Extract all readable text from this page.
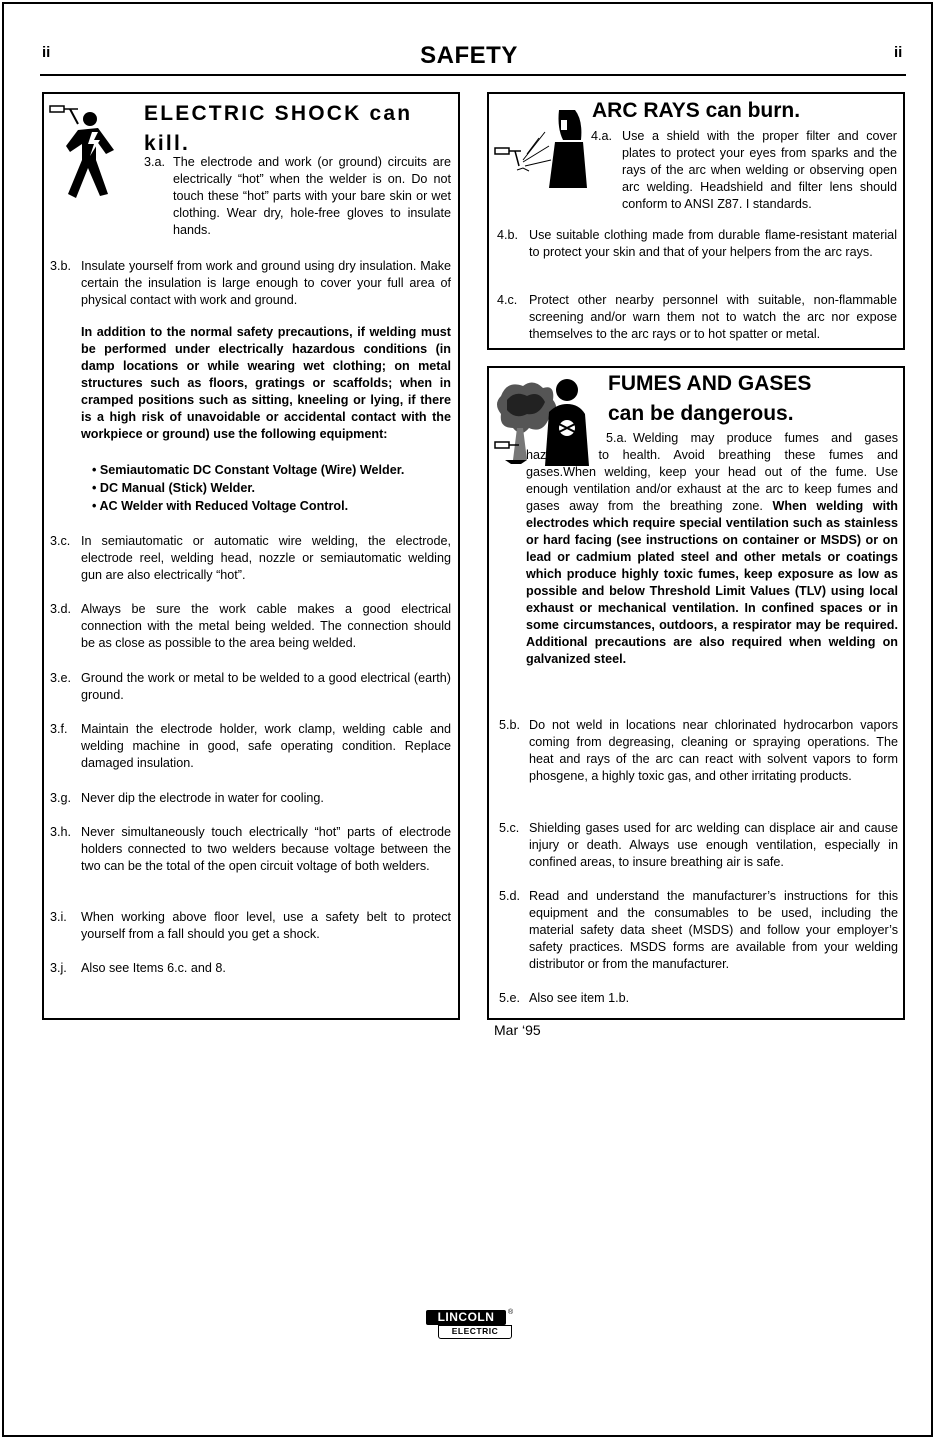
ii	SAFETY	ii
ELECTRIC SHOCK can kill.
3.a. The electrode and work (or ground) circuits are electrically “hot” when the welder is on. Do not touch these “hot” parts with your bare skin or wet clothing. Wear dry, hole-free gloves to insulate hands.

3.b. Insulate yourself from work and ground using dry insulation. Make certain the insulation is large enough to cover your full area of physical contact with work and ground.

In addition to the normal safety precautions, if welding must be performed under electrically hazardous conditions (in damp locations or while wearing wet clothing; on metal structures such as floors, gratings or scaffolds; when in cramped positions such as sitting, kneeling or lying, if there is a high risk of unavoidable or accidental contact with the workpiece or ground) use the following equipment:

• Semiautomatic DC Constant Voltage (Wire) Welder.
• DC Manual (Stick) Welder.
• AC Welder with Reduced Voltage Control.
3.c. In semiautomatic or automatic wire welding, the electrode, electrode reel, welding head, nozzle or semiautomatic welding gun are also electrically “hot”.

3.d. Always be sure the work cable makes a good electrical connection with the metal being welded. The connection should be as close as possible to the area being welded.

3.e. Ground the work or metal to be welded to a good electrical (earth) ground.

3.f. Maintain the electrode holder, work clamp, welding cable and welding machine in good, safe operating condition. Replace damaged insulation.

3.g. Never dip the electrode in water for cooling.

3.h. Never simultaneously touch electrically “hot” parts of electrode holders connected to two welders because voltage between the two can be the total of the open circuit voltage of both welders.

3.i. When working above floor level, use a safety belt to protect yourself from a fall should you get a shock.

3.j. Also see Items 6.c. and 8.

ARC RAYS can burn.
4.a. Use a shield with the proper filter and cover plates to protect your eyes from sparks and the rays of the arc when welding or observing open arc welding. Headshield and filter lens should conform to ANSI Z87. I standards.

4.b. Use suitable clothing made from durable flame-resistant material to protect your skin and that of your helpers from the arc rays.

4.c. Protect other nearby personnel with suitable, non-flammable screening and/or warn them not to watch the arc nor expose themselves to the arc rays or to hot spatter or metal.

FUMES AND GASES
can be dangerous.
5.a. Welding may produce fumes and gases hazardous to health. Avoid breathing these fumes and gases.When welding, keep your head out of the fume. Use enough ventilation and/or exhaust at the arc to keep fumes and gases away from the breathing zone. When welding with electrodes which require special ventilation such as stainless or hard facing (see instructions on container or MSDS) or on lead or cadmium plated steel and other metals or coatings which produce highly toxic fumes, keep exposure as low as possible and below Threshold Limit Values (TLV) using local exhaust or mechanical ventilation. In confined spaces or in some circumstances, outdoors, a respirator may be required. Additional precautions are also required when welding on galvanized steel.

5.b. Do not weld in locations near chlorinated hydrocarbon vapors coming from degreasing, cleaning or spraying operations. The heat and rays of the arc can react with solvent vapors to form phosgene, a highly toxic gas, and other irritating products.

5.c. Shielding gases used for arc welding can displace air and cause injury or death. Always use enough ventilation, especially in confined areas, to insure breathing air is safe.

5.d. Read and understand the manufacturer’s instructions for this equipment and the consumables to be used, including the material safety data sheet (MSDS) and follow your employer’s safety practices. MSDS forms are available from your welding distributor or from the manufacturer.

5.e. Also see item 1.b.

Mar ‘95
LINCOLN
ELECTRIC
®
